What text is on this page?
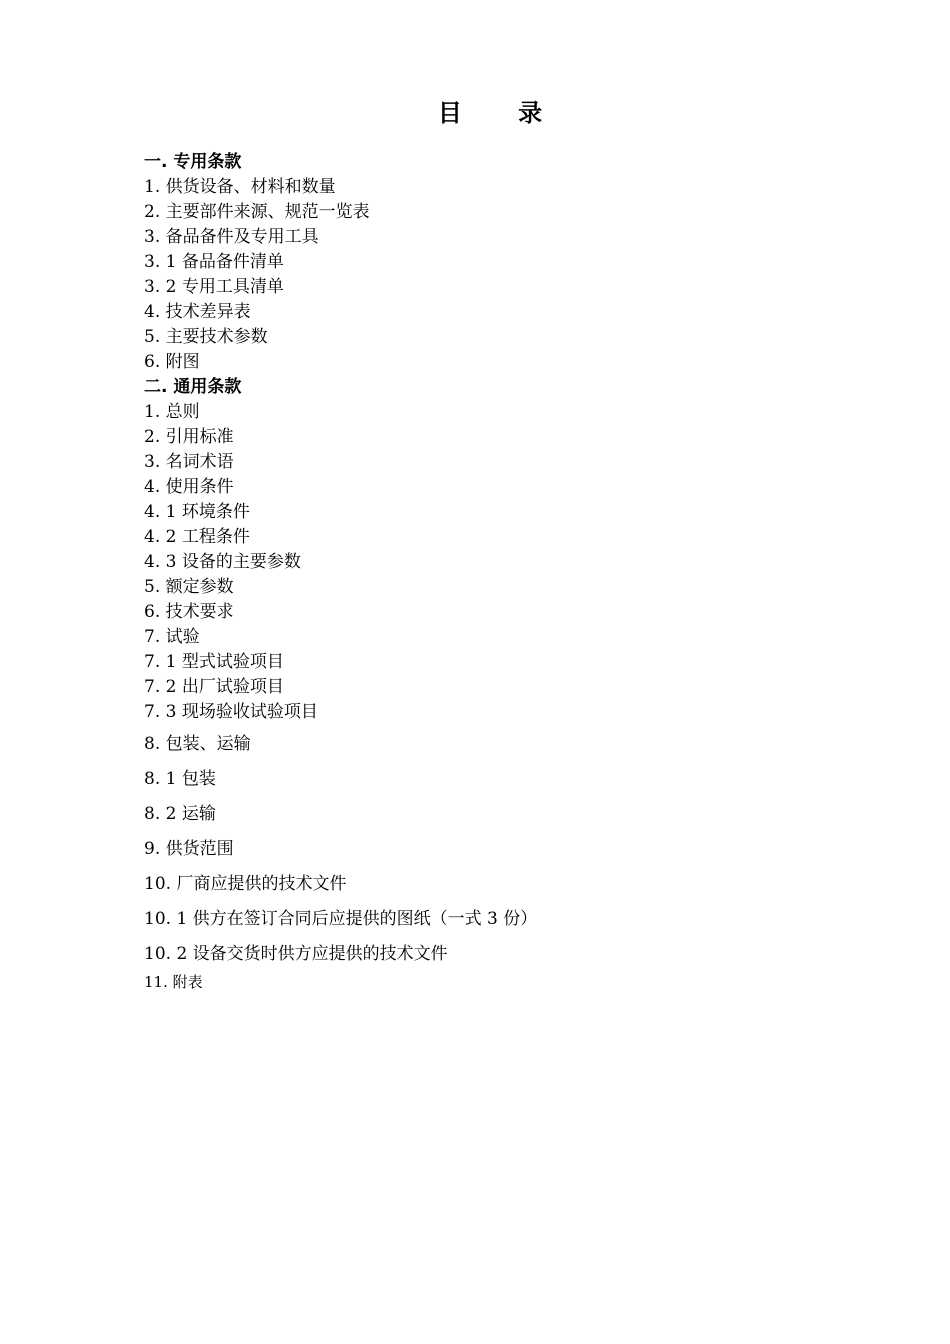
目 录
一. 专用条款
1. 供货设备、材料和数量
2. 主要部件来源、规范一览表
3. 备品备件及专用工具
3. 1 备品备件清单
3. 2 专用工具清单
4. 技术差异表
5. 主要技术参数
6. 附图
二. 通用条款
1. 总则
2. 引用标准
3. 名词术语
4. 使用条件
4. 1 环境条件
4. 2 工程条件
4. 3 设备的主要参数
5. 额定参数
6. 技术要求
7. 试验
7. 1 型式试验项目
7. 2 出厂试验项目
7. 3 现场验收试验项目
8. 包装、运输
8. 1 包装
8. 2 运输
9. 供货范围
10. 厂商应提供的技术文件
10. 1 供方在签订合同后应提供的图纸（一式 3 份）
10. 2 设备交货时供方应提供的技术文件
11. 附表
